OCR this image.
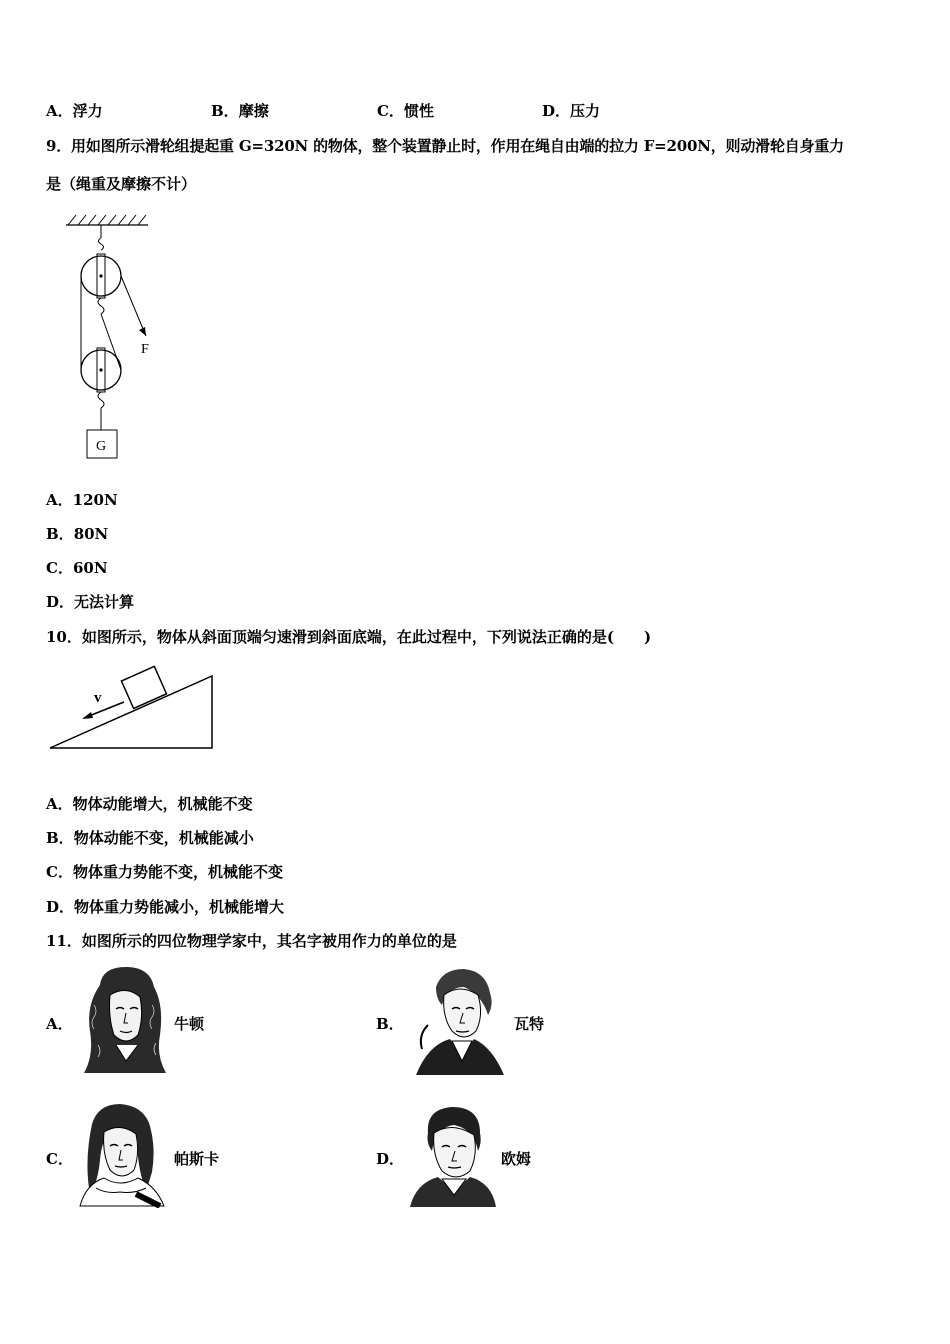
A．浮力	B．摩擦	C．惯性	D．压力
9．用如图所示滑轮组提起重 G=320N 的物体，整个装置静止时，作用在绳自由端的拉力 F=200N，则动滑轮自身重力
是（绳重及摩擦不计）
G
F
A．120N
B．80N
C．60N
D．无法计算
10．如图所示，物体从斜面顶端匀速滑到斜面底端，在此过程中，下列说法正确的是(　　)
v
A．物体动能增大，机械能不变
B．物体动能不变，机械能减小
C．物体重力势能不变，机械能不变
D．物体重力势能减小，机械能增大
11．如图所示的四位物理学家中，其名字被用作力的单位的是
A．	牛顿	B．	瓦特
C．	帕斯卡	D．	欧姆
